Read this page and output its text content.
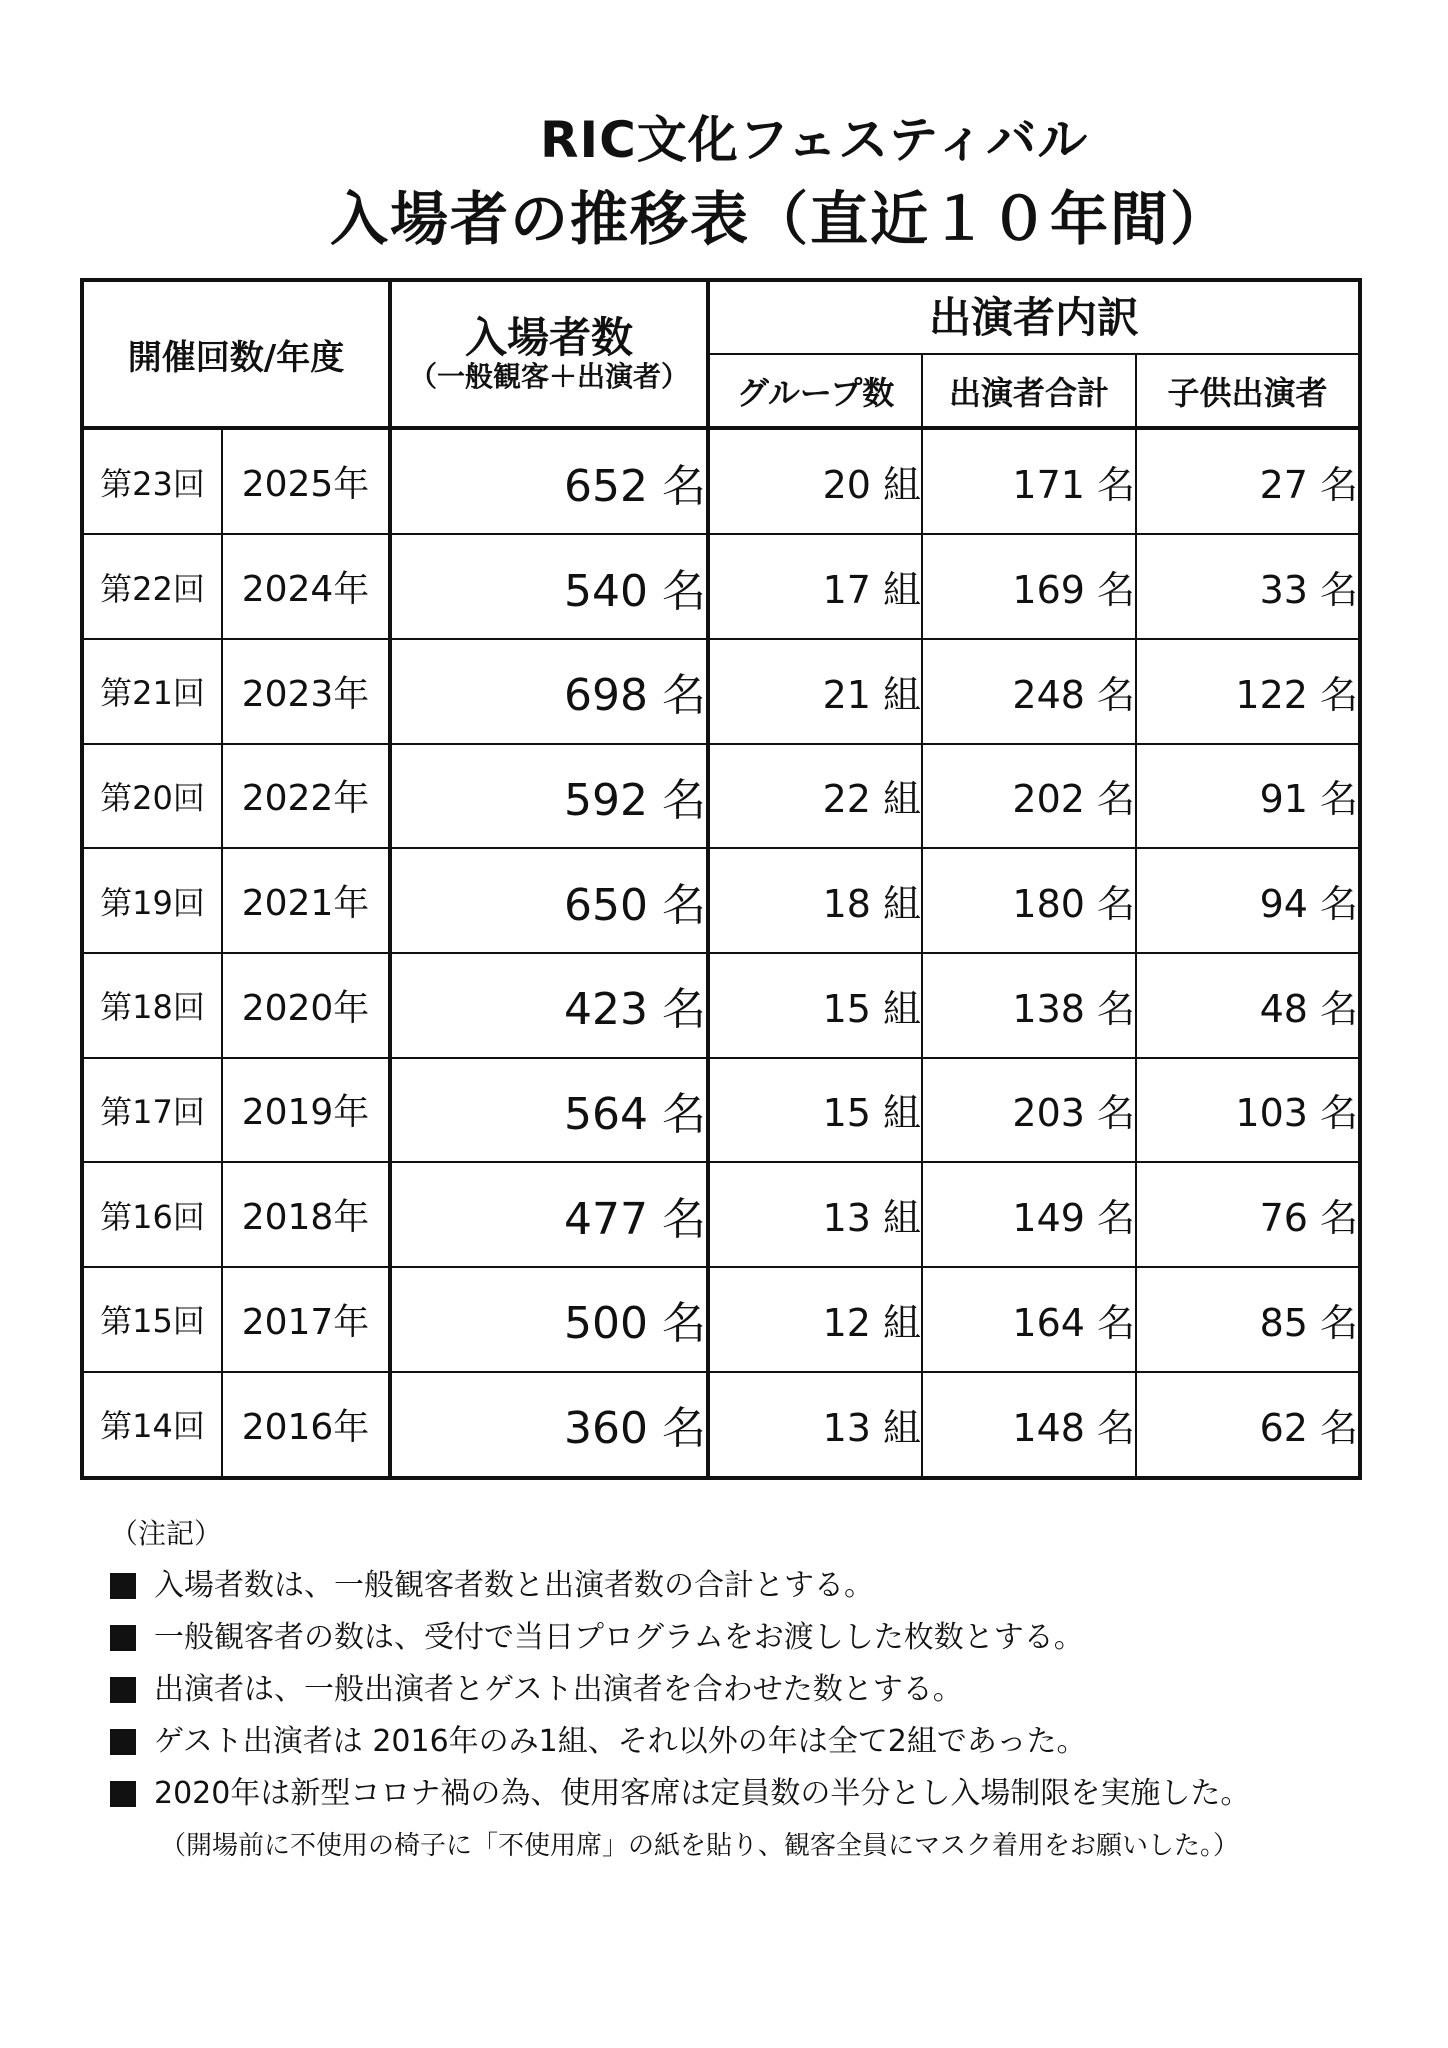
RIC文化フェスティバル
入場者の推移表（直近１０年間）
開催回数/年度		入場者数
（一般観客＋出演者）	出演者内訳		

			グループ数	出演者合計	子供出演者

第23回	2025年	652 名	20 組	171 名	27 名
第22回	2024年	540 名	17 組	169 名	33 名
第21回	2023年	698 名	21 組	248 名	122 名
第20回	2022年	592 名	22 組	202 名	91 名
第19回	2021年	650 名	18 組	180 名	94 名
第18回	2020年	423 名	15 組	138 名	48 名
第17回	2019年	564 名	15 組	203 名	103 名
第16回	2018年	477 名	13 組	149 名	76 名
第15回	2017年	500 名	12 組	164 名	85 名
第14回	2016年	360 名	13 組	148 名	62 名
（注記）
入場者数は、一般観客者数と出演者数の合計とする。
一般観客者の数は、受付で当日プログラムをお渡しした枚数とする。
出演者は、一般出演者とゲスト出演者を合わせた数とする。
ゲスト出演者は 2016年のみ1組、それ以外の年は全て2組であった。
2020年は新型コロナ禍の為、使用客席は定員数の半分とし入場制限を実施した。
（開場前に不使用の椅子に「不使用席」の紙を貼り、観客全員にマスク着用をお願いした。）
